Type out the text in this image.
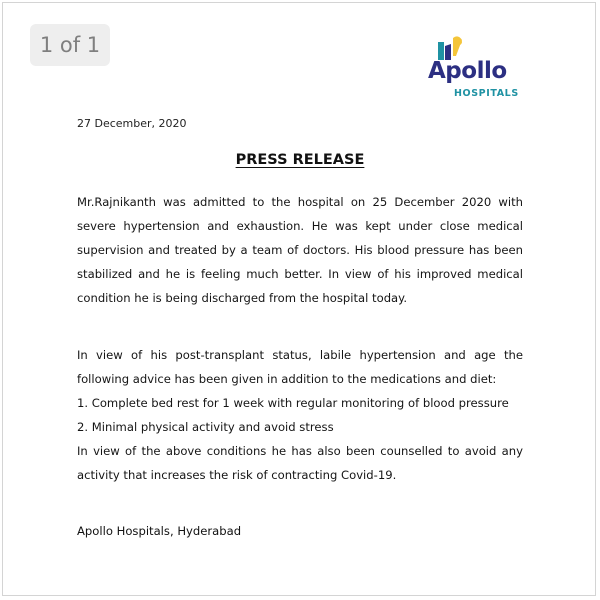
1 of 1
Apollo
HOSPITALS
27 December, 2020
PRESS RELEASE

Mr.Rajnikanth was admitted to the hospital on 25 December 2020 with severe hypertension and exhaustion. He was kept under close medical supervision and treated by a team of doctors. His blood pressure has been stabilized and he is feeling much better. In view of his improved medical condition he is being discharged from the hospital today.

In view of his post-transplant status, labile hypertension and age the following advice has been given in addition to the medications and diet:

1. Complete bed rest for 1 week with regular monitoring of blood pressure

2. Minimal physical activity and avoid stress

In view of the above conditions he has also been counselled to avoid any activity that increases the risk of contracting Covid-19.

Apollo Hospitals, Hyderabad
